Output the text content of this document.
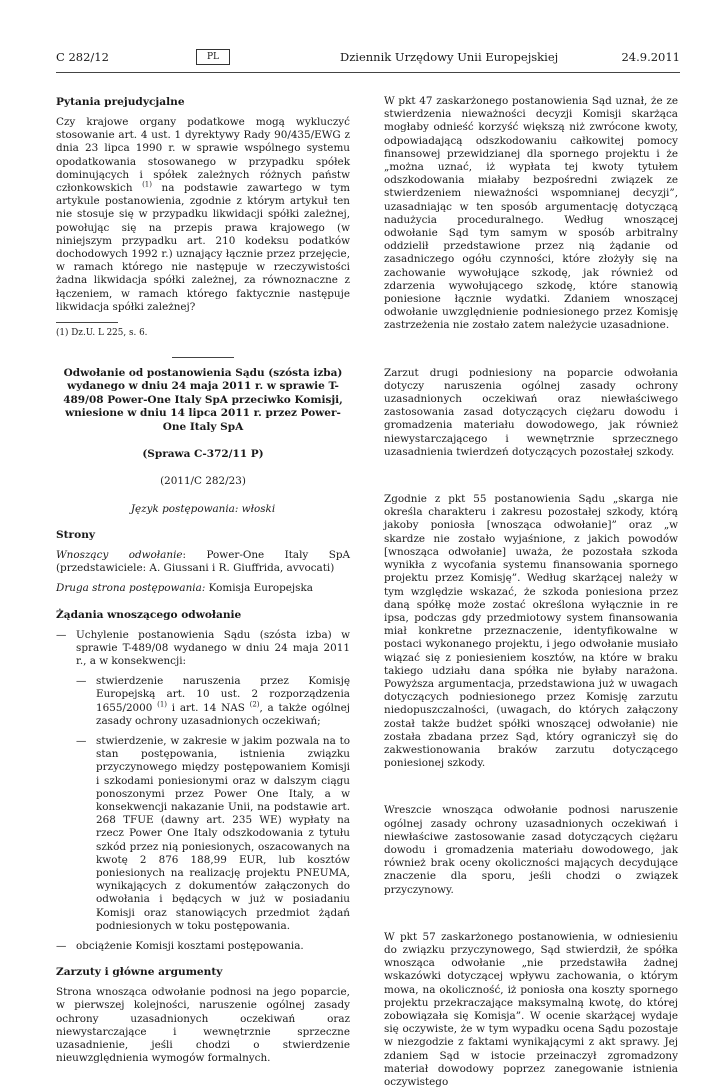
C 282/12	PL	Dziennik Urzędowy Unii Europejskiej	24.9.2011
Pytania prejudycjalne

Czy krajowe organy podatkowe mogą wykluczyć stosowanie art. 4 ust. 1 dyrektywy Rady 90/435/EWG z dnia 23 lipca 1990 r. w sprawie wspólnego systemu opodatkowania stosowanego w przypadku spółek dominujących i spółek zależnych różnych państw członkowskich $^{(1)}$ na podstawie zawartego w tym artykule postanowienia, zgodnie z którym artykuł ten nie stosuje się w przypadku likwidacji spółki zależnej, powołując się na przepis prawa krajowego (w niniejszym przypadku art. 210 kodeksu podatków dochodowych 1992 r.) uznający łącznie przez przejęcie, w ramach którego nie następuje w rzeczywistości żadna likwidacja spółki zależnej, za równoznaczne z łączeniem, w ramach którego faktycznie następuje likwidacja spółki zależnej?

(1) Dz.U. L 225, s. 6.

Odwołanie od postanowienia Sądu (szósta izba) wydanego w dniu 24 maja 2011 r. w sprawie T-489/08 Power-One Italy SpA przeciwko Komisji, wniesione w dniu 14 lipca 2011 r. przez Power-One Italy SpA

(Sprawa C-372/11 P)

(2011/C 282/23)

Język postępowania: włoski

Strony

Wnoszący odwołanie: Power-One Italy SpA (przedstawiciele: A. Giussani i R. Giuffrida, avvocati)

Druga strona postępowania: Komisja Europejska

Żądania wnoszącego odwołanie

— Uchylenie postanowienia Sądu (szósta izba) w sprawie T-489/08 wydanego w dniu 24 maja 2011 r., a w konsekwencji:

— stwierdzenie naruszenia przez Komisję Europejską art. 10 ust. 2 rozporządzenia 1655/2000 $^{(1)}$ i art. 14 NAS $^{(2)}$, a także ogólnej zasady ochrony uzasadnionych oczekiwań;

— stwierdzenie, w zakresie w jakim pozwala na to stan postępowania, istnienia związku przyczynowego między postępowaniem Komisji i szkodami poniesionymi oraz w dalszym ciągu ponoszonymi przez Power One Italy, a w konsekwencji nakazanie Unii, na podstawie art. 268 TFUE (dawny art. 235 WE) wypłaty na rzecz Power One Italy odszkodowania z tytułu szkód przez nią poniesionych, oszacowanych na kwotę 2 876 188,99 EUR, lub kosztów poniesionych na realizację projektu PNEUMA, wynikających z dokumentów załączonych do odwołania i będących w już w posiadaniu Komisji oraz stanowiących przedmiot żądań podniesionych w toku postępowania.

— obciążenie Komisji kosztami postępowania.

Zarzuty i główne argumenty

Strona wnosząca odwołanie podnosi na jego poparcie, w pierwszej kolejności, naruszenie ogólnej zasady ochrony uzasadnionych oczekiwań oraz niewystarczające i wewnętrznie sprzeczne uzasadnienie, jeśli chodzi o stwierdzenie nieuwzględnienia wymogów formalnych.

W pkt 47 zaskarżonego postanowienia Sąd uznał, że ze stwierdzenia nieważności decyzji Komisji skarżąca mogłaby odnieść korzyść większą niż zwrócone kwoty, odpowiadającą odszkodowaniu całkowitej pomocy finansowej przewidzianej dla spornego projektu i że „można uznać, iż wypłata tej kwoty tytułem odszkodowania miałaby bezpośredni związek ze stwierdzeniem nieważności wspomnianej decyzji”, uzasadniając w ten sposób argumentację dotyczącą nadużycia proceduralnego. Według wnoszącej odwołanie Sąd tym samym w sposób arbitralny oddzielił przedstawione przez nią żądanie od zasadniczego ogółu czynności, które złożyły się na zachowanie wywołujące szkodę, jak również od zdarzenia wywołującego szkodę, które stanowią poniesione łącznie wydatki. Zdaniem wnoszącej odwołanie uwzględnienie podniesionego przez Komisję zastrzeżenia nie zostało zatem należycie uzasadnione.

Zarzut drugi podniesiony na poparcie odwołania dotyczy naruszenia ogólnej zasady ochrony uzasadnionych oczekiwań oraz niewłaściwego zastosowania zasad dotyczących ciężaru dowodu i gromadzenia materiału dowodowego, jak również niewystarczającego i wewnętrznie sprzecznego uzasadnienia twierdzeń dotyczących pozostałej szkody.

Zgodnie z pkt 55 postanowienia Sądu „skarga nie określa charakteru i zakresu pozostałej szkody, którą jakoby poniosła [wnosząca odwołanie]” oraz „w skardze nie zostało wyjaśnione, z jakich powodów [wnosząca odwołanie] uważa, że pozostała szkoda wynikła z wycofania systemu finansowania spornego projektu przez Komisję”. Według skarżącej należy w tym względzie wskazać, że szkoda poniesiona przez daną spółkę może zostać określona wyłącznie in re ipsa, podczas gdy przedmiotowy system finansowania miał konkretne przeznaczenie, identyfikowalne w postaci wykonanego projektu, i jego odwołanie musiało wiązać się z poniesieniem kosztów, na które w braku takiego udziału dana spółka nie byłaby narażona. Powyższa argumentacja, przedstawiona już w uwagach dotyczących podniesionego przez Komisję zarzutu niedopuszczalności, (uwagach, do których załączony został także budżet spółki wnoszącej odwołanie) nie została zbadana przez Sąd, który ograniczył się do zakwestionowania braków zarzutu dotyczącego poniesionej szkody.

Wreszcie wnosząca odwołanie podnosi naruszenie ogólnej zasady ochrony uzasadnionych oczekiwań i niewłaściwe zastosowanie zasad dotyczących ciężaru dowodu i gromadzenia materiału dowodowego, jak również brak oceny okoliczności mających decydujące znaczenie dla sporu, jeśli chodzi o związek przyczynowy.

W pkt 57 zaskarżonego postanowienia, w odniesieniu do związku przyczynowego, Sąd stwierdził, że spółka wnosząca odwołanie „nie przedstawiła żadnej wskazówki dotyczącej wpływu zachowania, o którym mowa, na okoliczność, iż poniosła ona koszty spornego projektu przekraczające maksymalną kwotę, do której zobowiązała się Komisja”. W ocenie skarżącej wydaje się oczywiste, że w tym wypadku ocena Sądu pozostaje w niezgodzie z faktami wynikającymi z akt sprawy. Jej zdaniem Sąd w istocie przeinaczył zgromadzony materiał dowodowy poprzez zanegowanie istnienia oczywistego
